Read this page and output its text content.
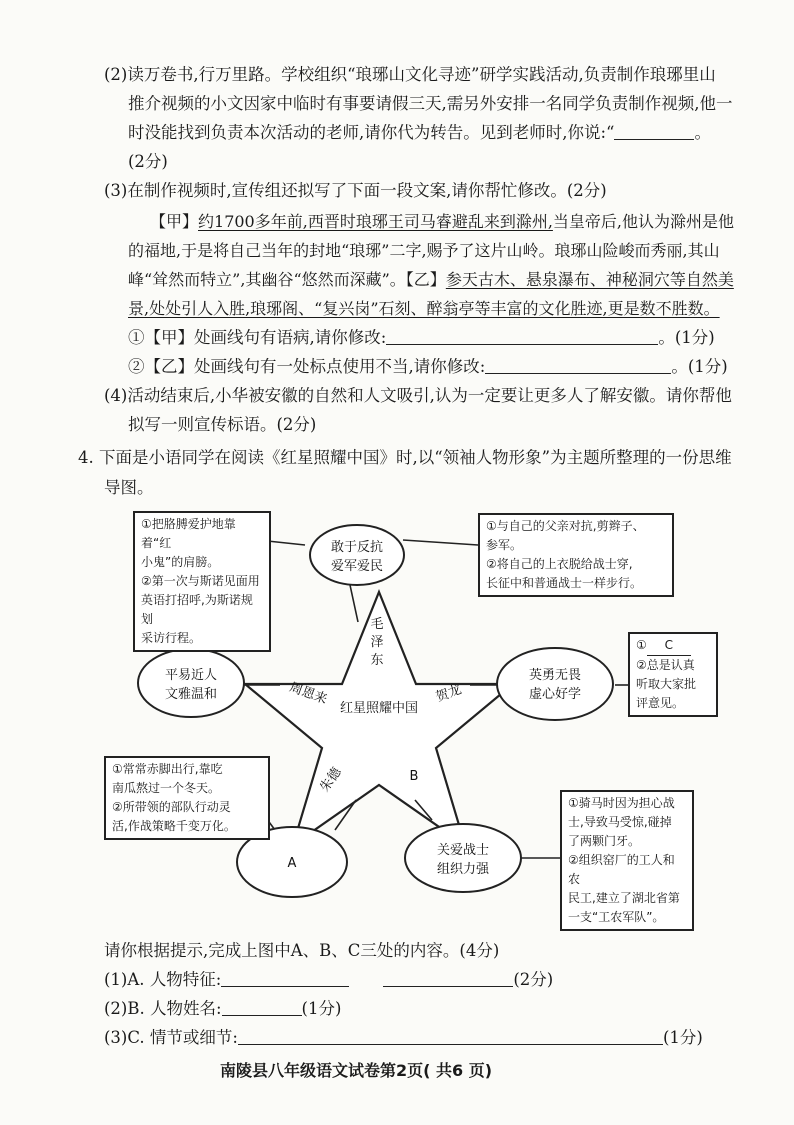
(2)读万卷书,行万里路。学校组织“琅琊山文化寻迹”研学实践活动,负责制作琅琊里山
推介视频的小文因家中临时有事要请假三天,需另外安排一名同学负责制作视频,他一
时没能找到负责本次活动的老师,请你代为转告。见到老师时,你说:“	。
(2分)
(3)在制作视频时,宣传组还拟写了下面一段文案,请你帮忙修改。(2分)
【甲】约1700多年前,西晋时琅琊王司马睿避乱来到滁州,当皇帝后,他认为滁州是他
的福地,于是将自己当年的封地“琅琊”二字,赐予了这片山岭。琅琊山险峻而秀丽,其山
峰“耸然而特立”,其幽谷“悠然而深藏”。【乙】参天古木、悬泉瀑布、神秘洞穴等自然美
景,处处引人入胜,琅琊阁、“复兴岗”石刻、醉翁亭等丰富的文化胜迹,更是数不胜数。
①【甲】处画线句有语病,请你修改:	。(1分)
②【乙】处画线句有一处标点使用不当,请你修改:	。(1分)
(4)活动结束后,小华被安徽的自然和人文吸引,认为一定要让更多人了解安徽。请你帮他
拟写一则宣传标语。(2分)
4. 下面是小语同学在阅读《红星照耀中国》时,以“领袖人物形象”为主题所整理的一份思维
导图。
敢于反抗
爱军爱民
平易近人
文雅温和
英勇无畏
虚心好学
A
关爱战士
组织力强
红星照耀中国
周恩来	贺龙
朱德	B
毛
泽
东
①把胳膊爱护地靠着“红
小鬼”的肩膀。
②第一次与斯诺见面用
英语打招呼,为斯诺规划
采访行程。
①与自己的父亲对抗,剪辫子、
参军。
②将自己的上衣脱给战士穿,
长征中和普通战士一样步行。
① C
②总是认真
听取大家批
评意见。
①常常赤脚出行,靠吃
南瓜熬过一个冬天。
②所带领的部队行动灵
活,作战策略千变万化。
①骑马时因为担心战
士,导致马受惊,碰掉
了两颗门牙。
②组织窑厂的工人和农
民工,建立了湖北省第
一支“工农军队”。
请你根据提示,完成上图中A、B、C三处的内容。(4分)
(1)A. 人物特征:	(2分)
(2)B. 人物姓名:	(1分)
(3)C. 情节或细节:	(1分)
南陵县八年级语文试卷第2页( 共6 页)
